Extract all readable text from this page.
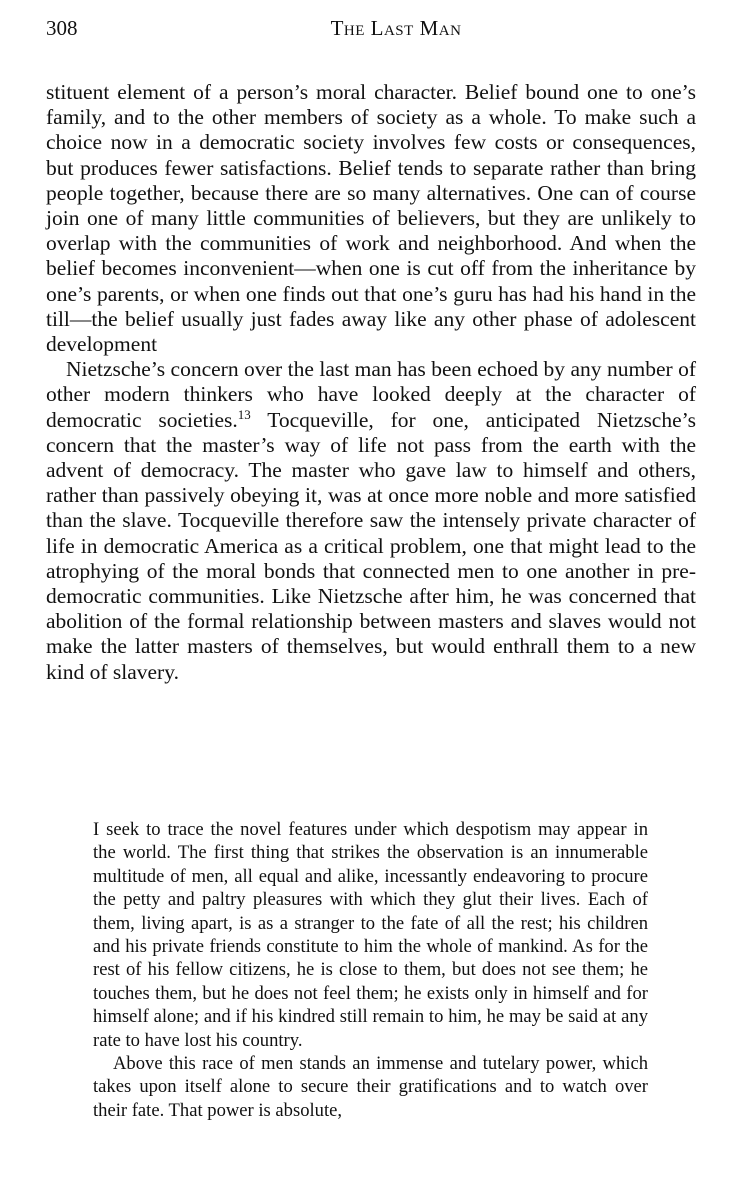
308	The Last Man

stituent element of a person’s moral character. Belief bound one to one’s family, and to the other members of society as a whole. To make such a choice now in a democratic society involves few costs or consequences, but produces fewer satisfactions. Belief tends to separate rather than bring people together, because there are so many alternatives. One can of course join one of many little communities of believers, but they are unlikely to overlap with the communities of work and neighborhood. And when the belief becomes inconvenient—when one is cut off from the inheritance by one’s parents, or when one finds out that one’s guru has had his hand in the till—the belief usually just fades away like any other phase of adolescent development

Nietzsche’s concern over the last man has been echoed by any number of other modern thinkers who have looked deeply at the character of democratic societies.$^{13}$ Tocqueville, for one, anticipated Nietzsche’s concern that the master’s way of life not pass from the earth with the advent of democracy. The master who gave law to himself and others, rather than passively obeying it, was at once more noble and more satisfied than the slave. Tocqueville therefore saw the intensely private character of life in democratic America as a critical problem, one that might lead to the atrophying of the moral bonds that connected men to one another in pre-democratic communities. Like Nietzsche after him, he was concerned that abolition of the formal relationship between masters and slaves would not make the latter masters of themselves, but would enthrall them to a new kind of slavery.

I seek to trace the novel features under which despotism may appear in the world. The first thing that strikes the observation is an innumerable multitude of men, all equal and alike, incessantly endeavoring to procure the petty and paltry pleasures with which they glut their lives. Each of them, living apart, is as a stranger to the fate of all the rest; his children and his private friends constitute to him the whole of mankind. As for the rest of his fellow citizens, he is close to them, but does not see them; he touches them, but he does not feel them; he exists only in himself and for himself alone; and if his kindred still remain to him, he may be said at any rate to have lost his country.

Above this race of men stands an immense and tutelary power, which takes upon itself alone to secure their gratifications and to watch over their fate. That power is absolute,
